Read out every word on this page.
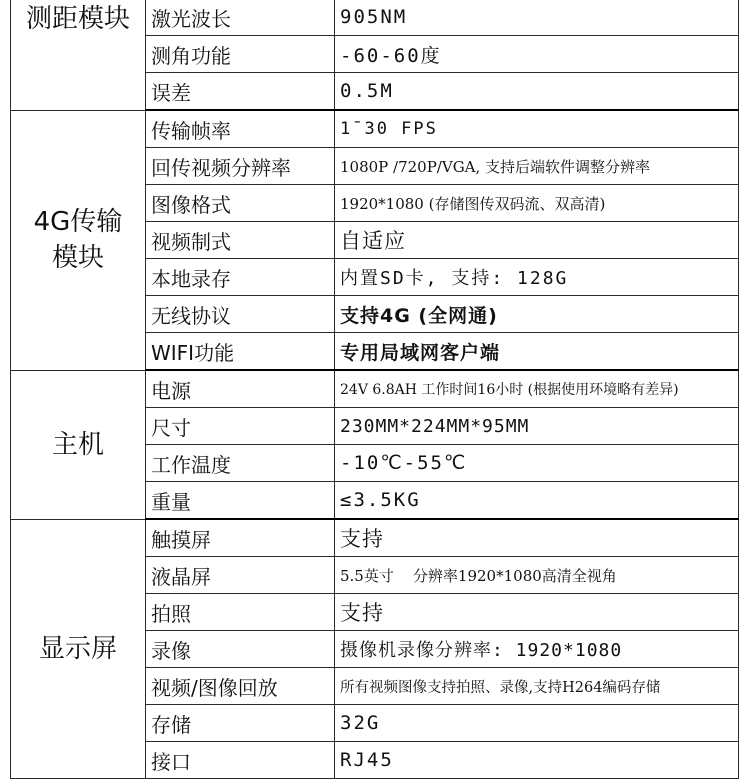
测距模块	激光波长	905NM
	测角功能	-60-60度
	误差	0.5M
4G传输模块	传输帧率	1¯30 FPS
	回传视频分辨率	1080P /720P/VGA, 支持后端软件调整分辨率
	图像格式	1920*1080 (存储图传双码流、双高清)
	视频制式	自适应
	本地录存	内置SD卡, 支持: 128G
	无线协议	支持4G (全网通)
	WIFI功能	专用局域网客户端
主机	电源	24V 6.8AH 工作时间16小时 (根据使用环境略有差异)
	尺寸	230MM*224MM*95MM
	工作温度	-10℃-55℃
	重量	≤3.5KG
显示屏	触摸屏	支持
	液晶屏	5.5英寸    分辨率1920*1080高清全视角
	拍照	支持
	录像	摄像机录像分辨率: 1920*1080
	视频/图像回放	所有视频图像支持拍照、录像,支持H264编码存储
	存储	32G
	接口	RJ45
